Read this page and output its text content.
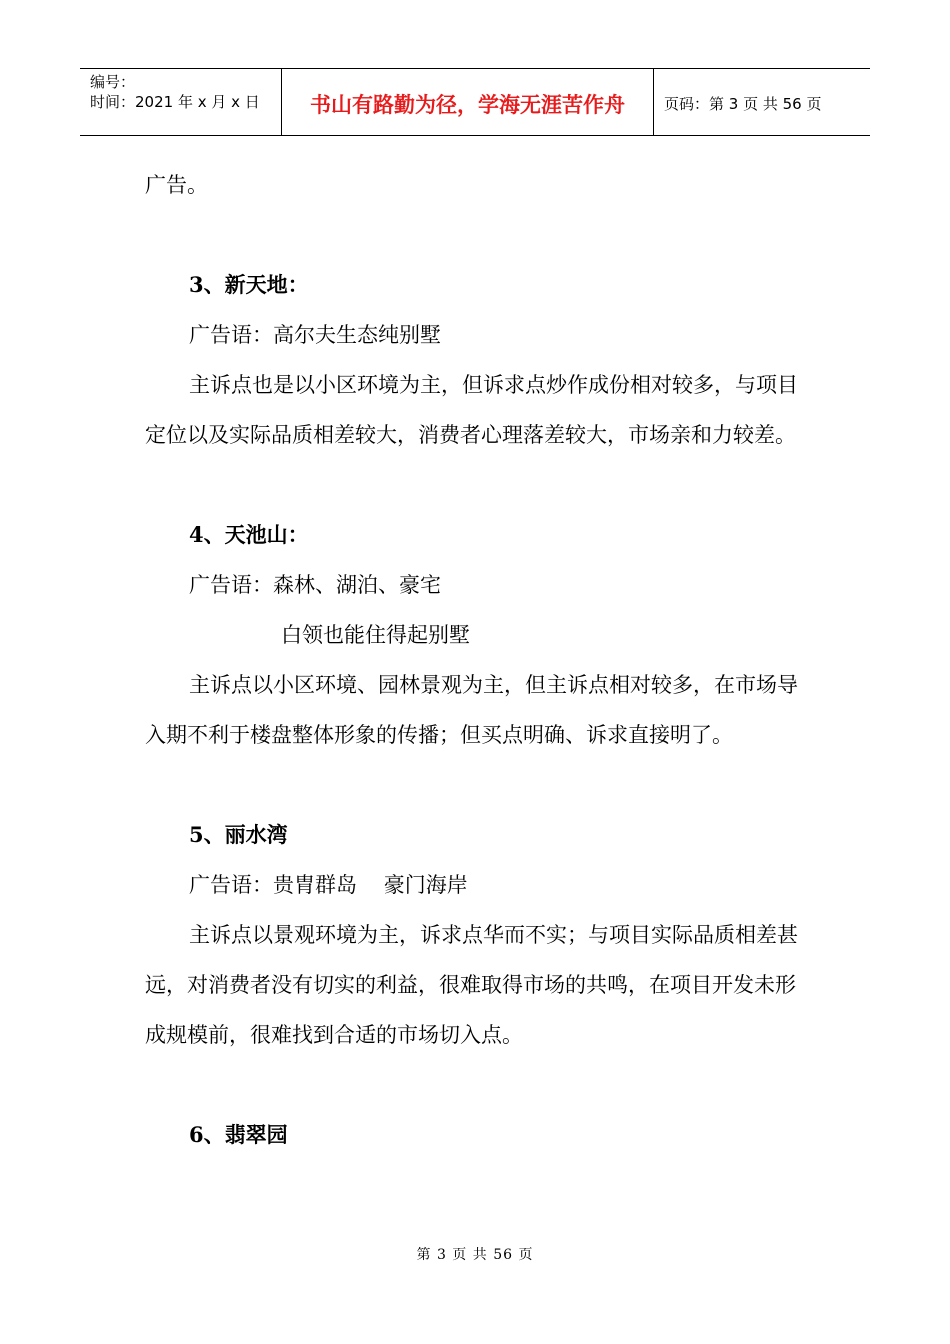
编号：
时间：2021 年 x 月 x 日	书山有路勤为径，学海无涯苦作舟	页码：第 3 页 共 56 页

广告。

3、新天地：

广告语：高尔夫生态纯别墅

主诉点也是以小区环境为主，但诉求点炒作成份相对较多，与项目定位以及实际品质相差较大，消费者心理落差较大，市场亲和力较差。

4、天池山：

广告语：森林、湖泊、豪宅

白领也能住得起别墅

主诉点以小区环境、园林景观为主，但主诉点相对较多，在市场导入期不利于楼盘整体形象的传播；但买点明确、诉求直接明了。

5、丽水湾

广告语：贵胄群岛    豪门海岸

主诉点以景观环境为主，诉求点华而不实；与项目实际品质相差甚远，对消费者没有切实的利益，很难取得市场的共鸣，在项目开发未形成规模前，很难找到合适的市场切入点。

6、翡翠园

第 3 页 共 56 页
